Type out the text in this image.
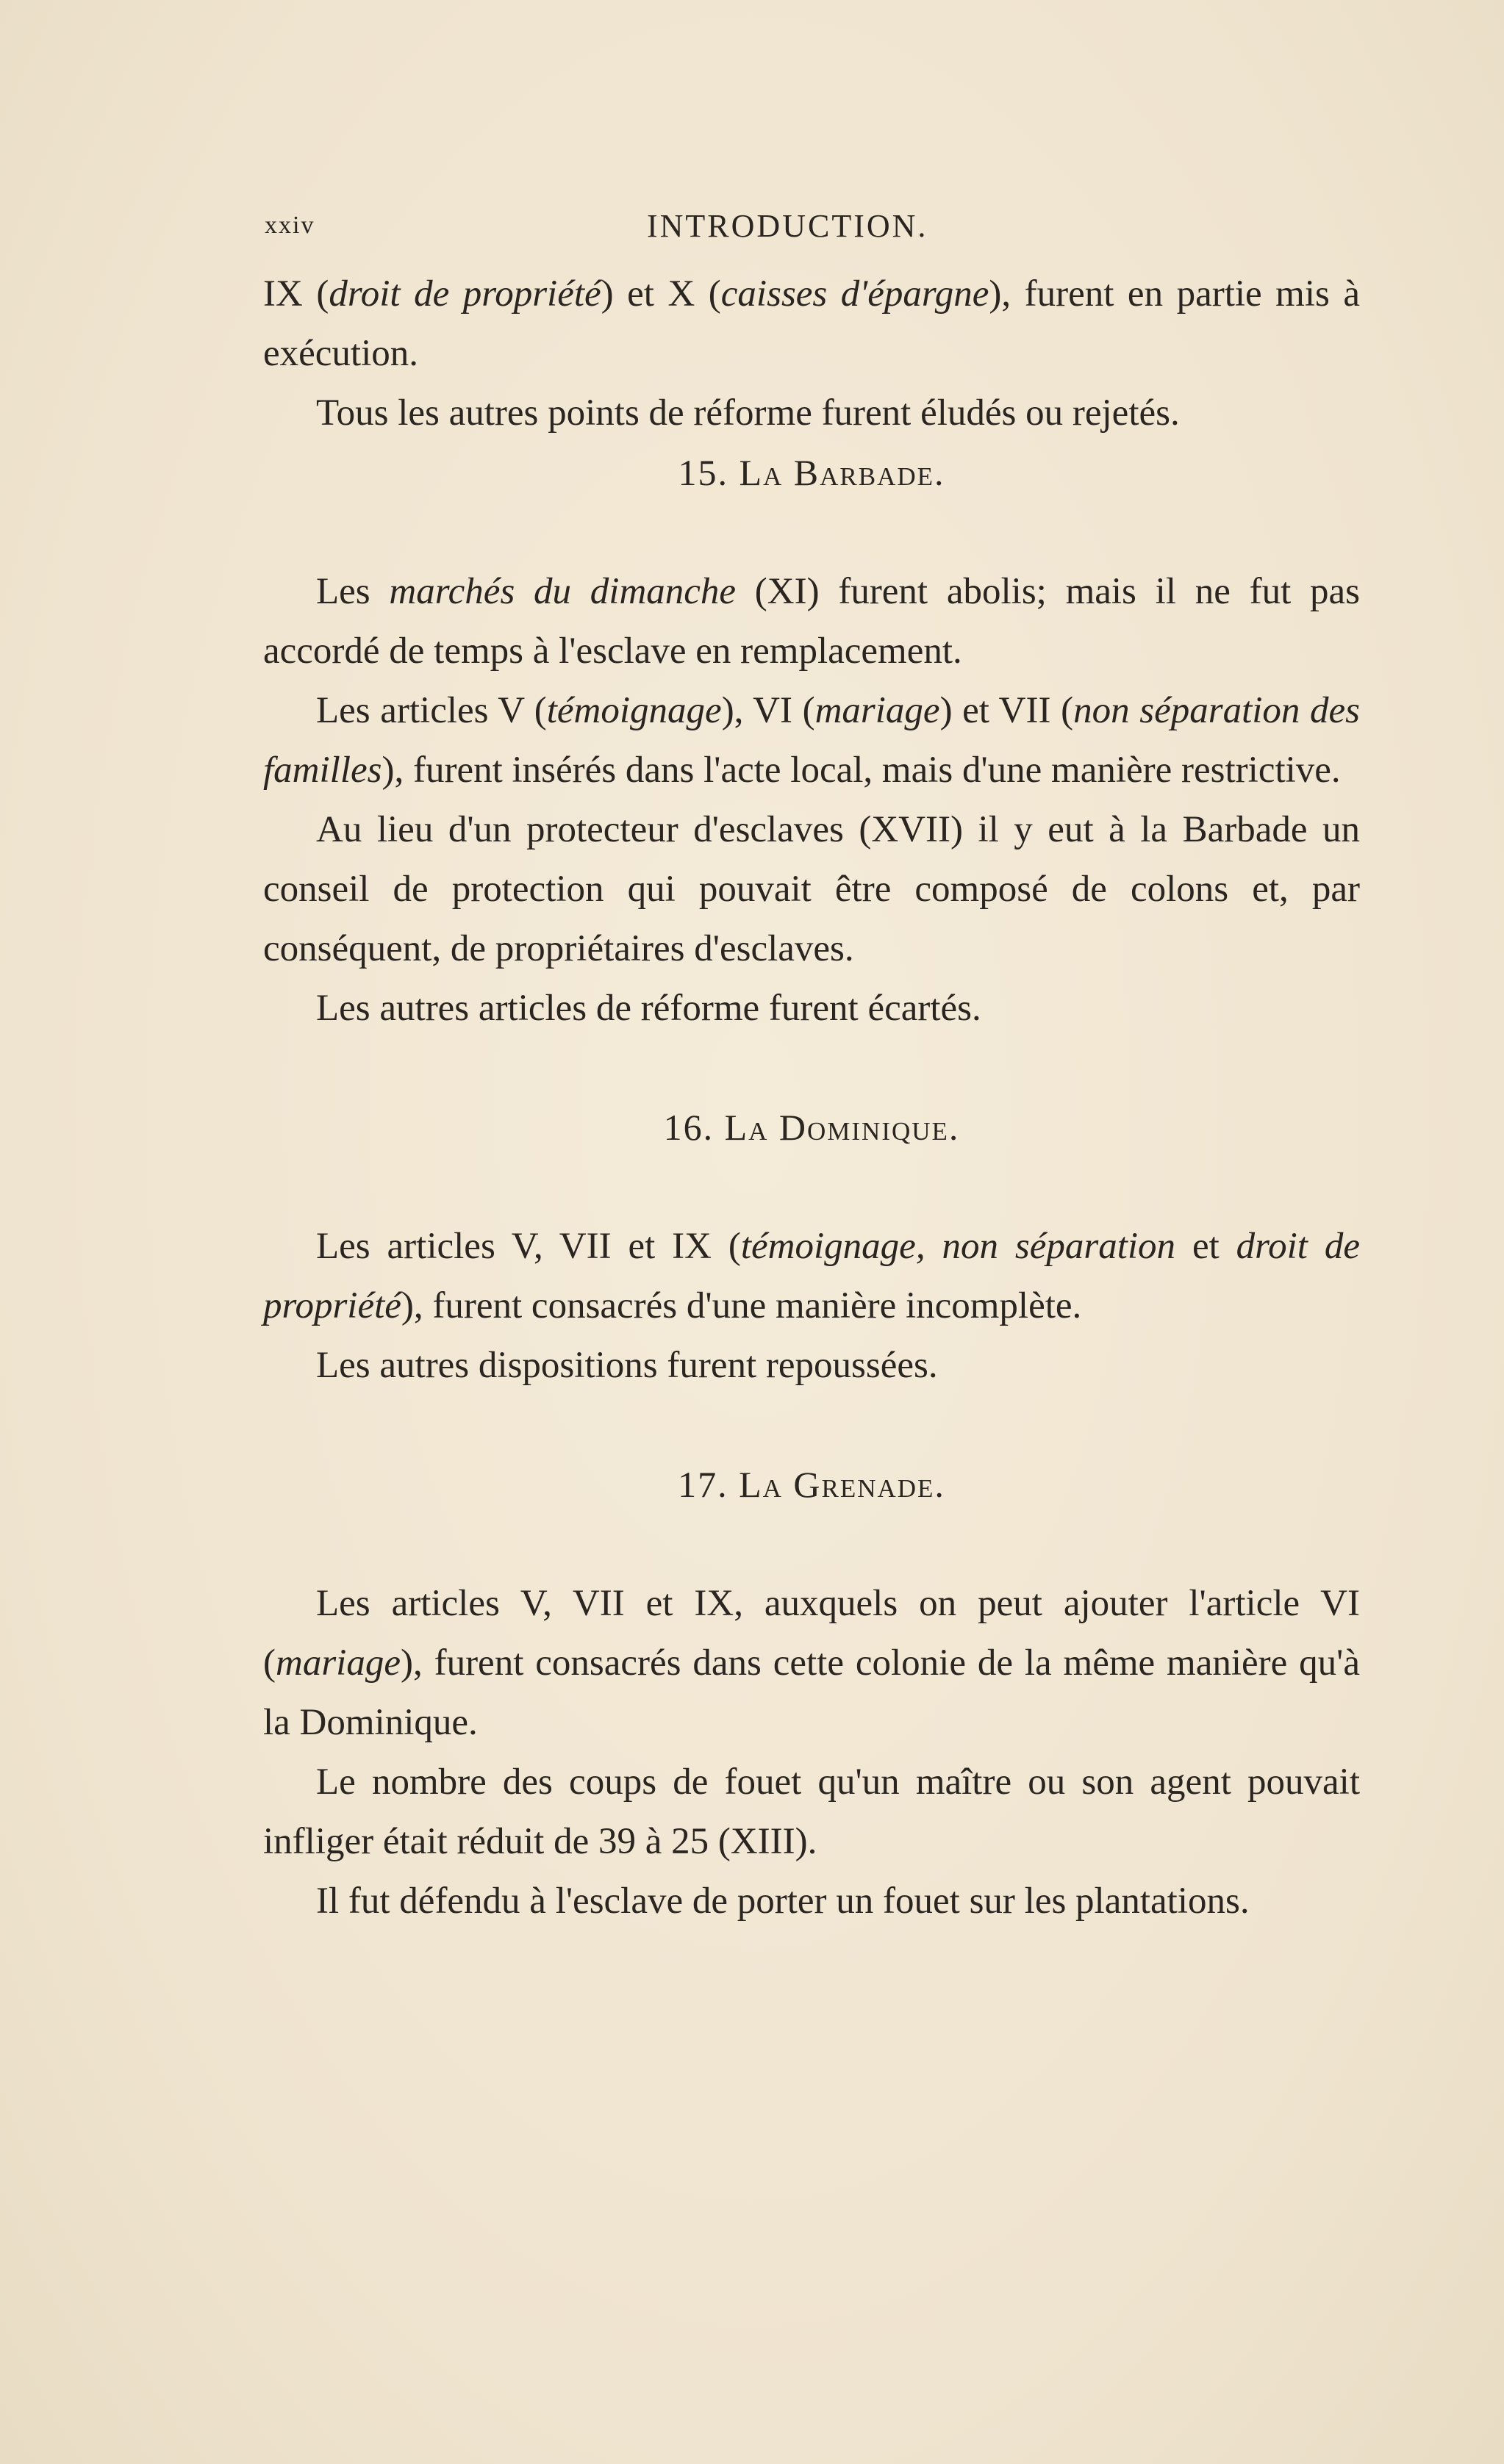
xxiv	INTRODUCTION.

IX (droit de propriété) et X (caisses d'épargne), furent en partie mis à exécution.

Tous les autres points de réforme furent éludés ou rejetés.

15. La Barbade.

Les marchés du dimanche (XI) furent abolis; mais il ne fut pas accordé de temps à l'esclave en remplacement.

Les articles V (témoignage), VI (mariage) et VII (non séparation des familles), furent insérés dans l'acte local, mais d'une manière restrictive.

Au lieu d'un protecteur d'esclaves (XVII) il y eut à la Barbade un conseil de protection qui pouvait être composé de colons et, par conséquent, de propriétaires d'esclaves.

Les autres articles de réforme furent écartés.

16. La Dominique.

Les articles V, VII et IX (témoignage, non séparation et droit de propriété), furent consacrés d'une manière incomplète.

Les autres dispositions furent repoussées.

17. La Grenade.

Les articles V, VII et IX, auxquels on peut ajouter l'article VI (mariage), furent consacrés dans cette colonie de la même manière qu'à la Dominique.

Le nombre des coups de fouet qu'un maître ou son agent pouvait infliger était réduit de 39 à 25 (XIII).

Il fut défendu à l'esclave de porter un fouet sur les plantations.
